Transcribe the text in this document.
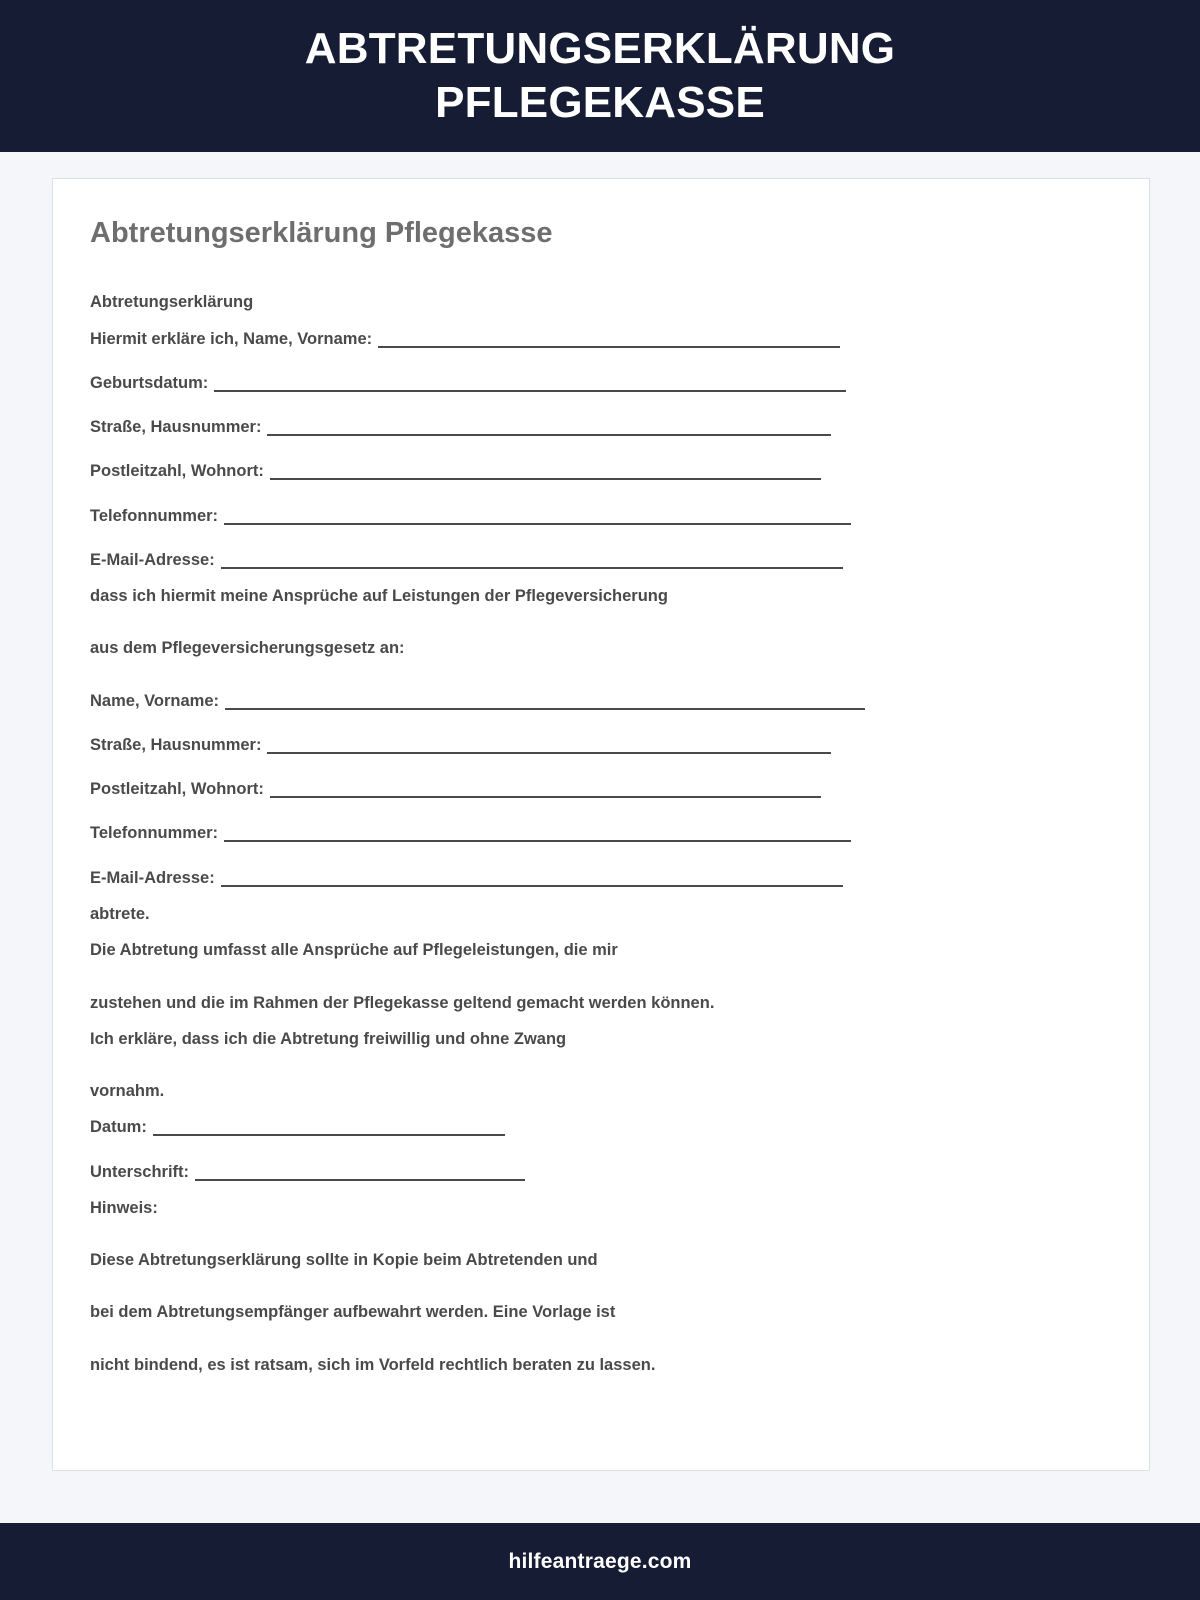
ABTRETUNGSERKLÄRUNG PFLEGEKASSE
Abtretungserklärung Pflegekasse
Abtretungserklärung
Hiermit erkläre ich, Name, Vorname:
Geburtsdatum:
Straße, Hausnummer:
Postleitzahl, Wohnort:
Telefonnummer:
E-Mail-Adresse:
dass ich hiermit meine Ansprüche auf Leistungen der Pflegeversicherung
aus dem Pflegeversicherungsgesetz an:
Name, Vorname:
Straße, Hausnummer:
Postleitzahl, Wohnort:
Telefonnummer:
E-Mail-Adresse:
abtrete.
Die Abtretung umfasst alle Ansprüche auf Pflegeleistungen, die mir
zustehen und die im Rahmen der Pflegekasse geltend gemacht werden können.
Ich erkläre, dass ich die Abtretung freiwillig und ohne Zwang
vornahm.
Datum:
Unterschrift:
Hinweis:
Diese Abtretungserklärung sollte in Kopie beim Abtretenden und
bei dem Abtretungsempfänger aufbewahrt werden. Eine Vorlage ist
nicht bindend, es ist ratsam, sich im Vorfeld rechtlich beraten zu lassen.
hilfeantraege.com
